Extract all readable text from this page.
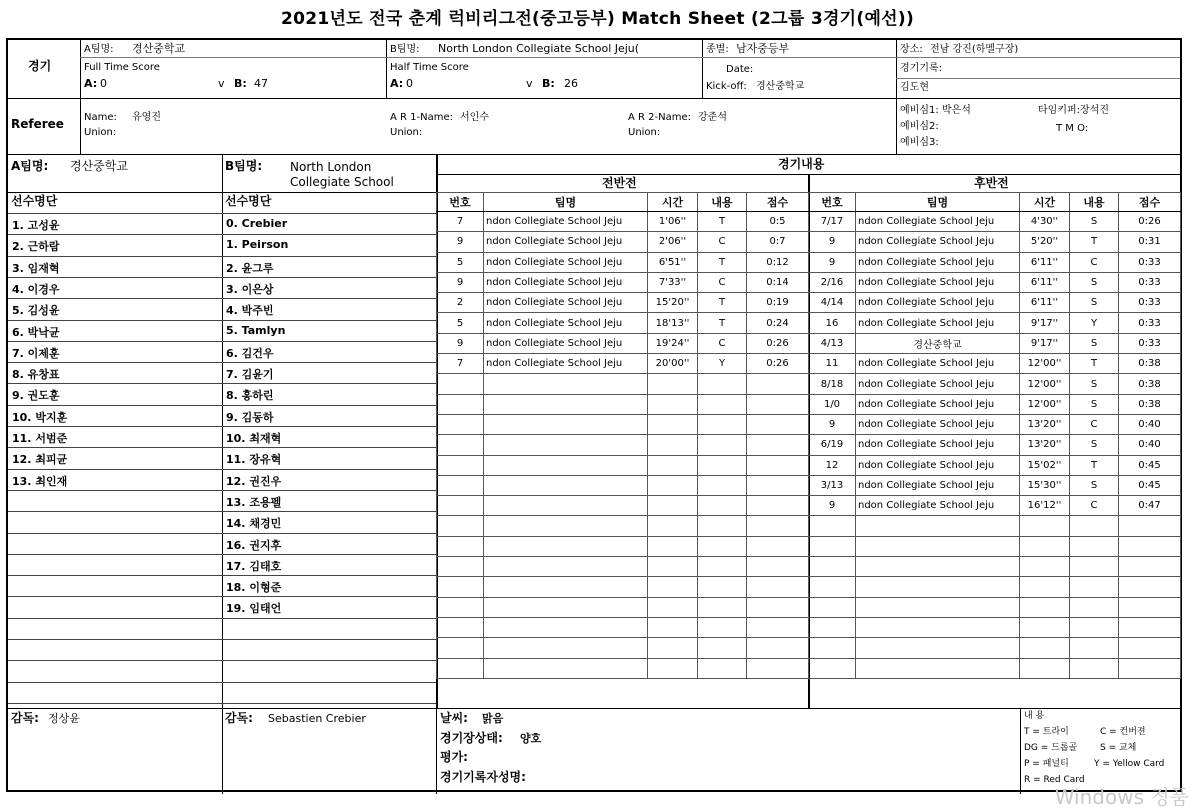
2021년도 전국 춘계 럭비리그전(중고등부) Match Sheet (2그룹 3경기(예선))
경기
A팀명: 경산중학교	B팀명: North London Collegiate School Jeju(	종별: 남자중등부	장소: 전남 강진(하멜구장)
Full Time Score
A: 0	v B: 47
Half Time Score
A: 0	v B: 26
Date:
Kick-off: 경산중학교
경기기록:
김도현
Referee Name: 유영진
Union:
A R 1-Name: 서인수
Union:
A R 2-Name: 강준석
Union:
예비심1: 박은석
예비심2:
예비심3:
타임키퍼:장석진
T M O:
A팀명: 경산중학교	B팀명: North London
Collegiate School
경기내용
전반전	후반전
선수명단	선수명단
1. 고성윤
2. 근하람
3. 임재혁
4. 이경우
5. 김성윤
6. 박낙균
7. 이제훈
8. 유창표
9. 권도훈
10. 박지훈
11. 서범준
12. 최피균
13. 최인재
0. Crebier
1. Peirson
2. 윤그루
3. 이은상
4. 박주빈
5. Tamlyn
6. 김건우
7. 김윤기
8. 홍하린
9. 김동하
10. 최재혁
11. 장유혁
12. 권진우
13. 조용펠
14. 채경민
16. 권지후
17. 김태호
18. 이형준
19. 임태언
번호	팀명	시간	내용	점수
7	ndon Collegiate School Jeju	1'06''	T	0:5
9	ndon Collegiate School Jeju	2'06''	C	0:7
5	ndon Collegiate School Jeju	6'51''	T	0:12
9	ndon Collegiate School Jeju	7'33''	C	0:14
2	ndon Collegiate School Jeju	15'20''	T	0:19
5	ndon Collegiate School Jeju	18'13''	T	0:24
9	ndon Collegiate School Jeju	19'24''	C	0:26
7	ndon Collegiate School Jeju	20'00''	Y	0:26

번호	팀명	시간	내용	점수
7/17	ndon Collegiate School Jeju	4'30''	S	0:26
9	ndon Collegiate School Jeju	5'20''	T	0:31
9	ndon Collegiate School Jeju	6'11''	C	0:33
2/16	ndon Collegiate School Jeju	6'11''	S	0:33
4/14	ndon Collegiate School Jeju	6'11''	S	0:33
16	ndon Collegiate School Jeju	9'17''	Y	0:33
4/13	경산중학교	9'17''	S	0:33
11	ndon Collegiate School Jeju	12'00''	T	0:38
8/18	ndon Collegiate School Jeju	12'00''	S	0:38
1/0	ndon Collegiate School Jeju	12'00''	S	0:38
9	ndon Collegiate School Jeju	13'20''	C	0:40
6/19	ndon Collegiate School Jeju	13'20''	S	0:40
12	ndon Collegiate School Jeju	15'02''	T	0:45
3/13	ndon Collegiate School Jeju	15'30''	S	0:45
9	ndon Collegiate School Jeju	16'12''	C	0:47

감독: 정상윤	감독: Sebastien Crebier	날씨: 맑음
경기장상태: 양호
평가:
경기기록자성명:
내 용
T = 트라이	C = 컨버젼
DG = 드롭골	S = 교체
P = 패널티	Y = Yellow Card
R = Red Card
Windows 정품
